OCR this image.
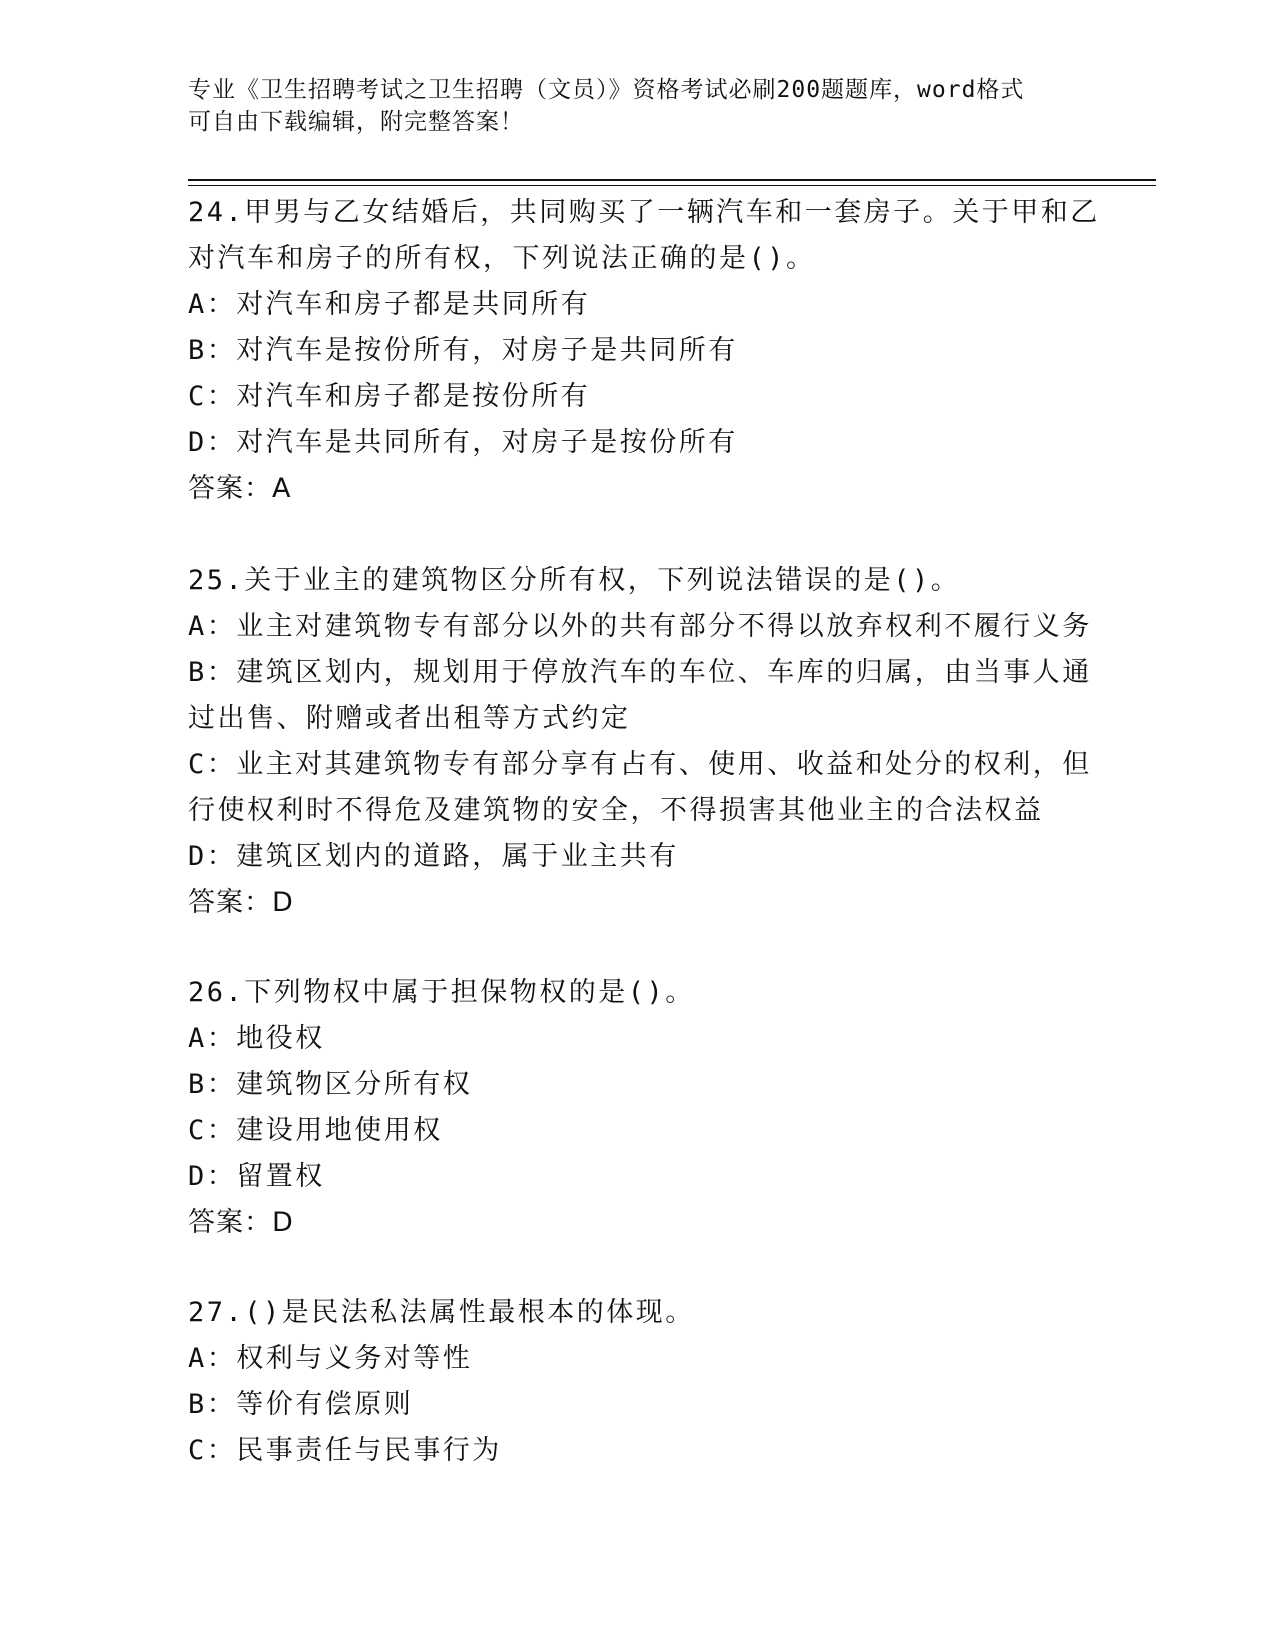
专业《卫生招聘考试之卫生招聘（文员）》资格考试必刷200题题库，word格式
可自由下载编辑，附完整答案！
24.甲男与乙女结婚后，共同购买了一辆汽车和一套房子。关于甲和乙
对汽车和房子的所有权，下列说法正确的是()。
A：对汽车和房子都是共同所有
B：对汽车是按份所有，对房子是共同所有
C：对汽车和房子都是按份所有
D：对汽车是共同所有，对房子是按份所有
答案：A
25.关于业主的建筑物区分所有权，下列说法错误的是()。
A：业主对建筑物专有部分以外的共有部分不得以放弃权利不履行义务
B：建筑区划内，规划用于停放汽车的车位、车库的归属，由当事人通
过出售、附赠或者出租等方式约定
C：业主对其建筑物专有部分享有占有、使用、收益和处分的权利，但
行使权利时不得危及建筑物的安全，不得损害其他业主的合法权益
D：建筑区划内的道路，属于业主共有
答案：D
26.下列物权中属于担保物权的是()。
A：地役权
B：建筑物区分所有权
C：建设用地使用权
D：留置权
答案：D
27.()是民法私法属性最根本的体现。
A：权利与义务对等性
B：等价有偿原则
C：民事责任与民事行为
